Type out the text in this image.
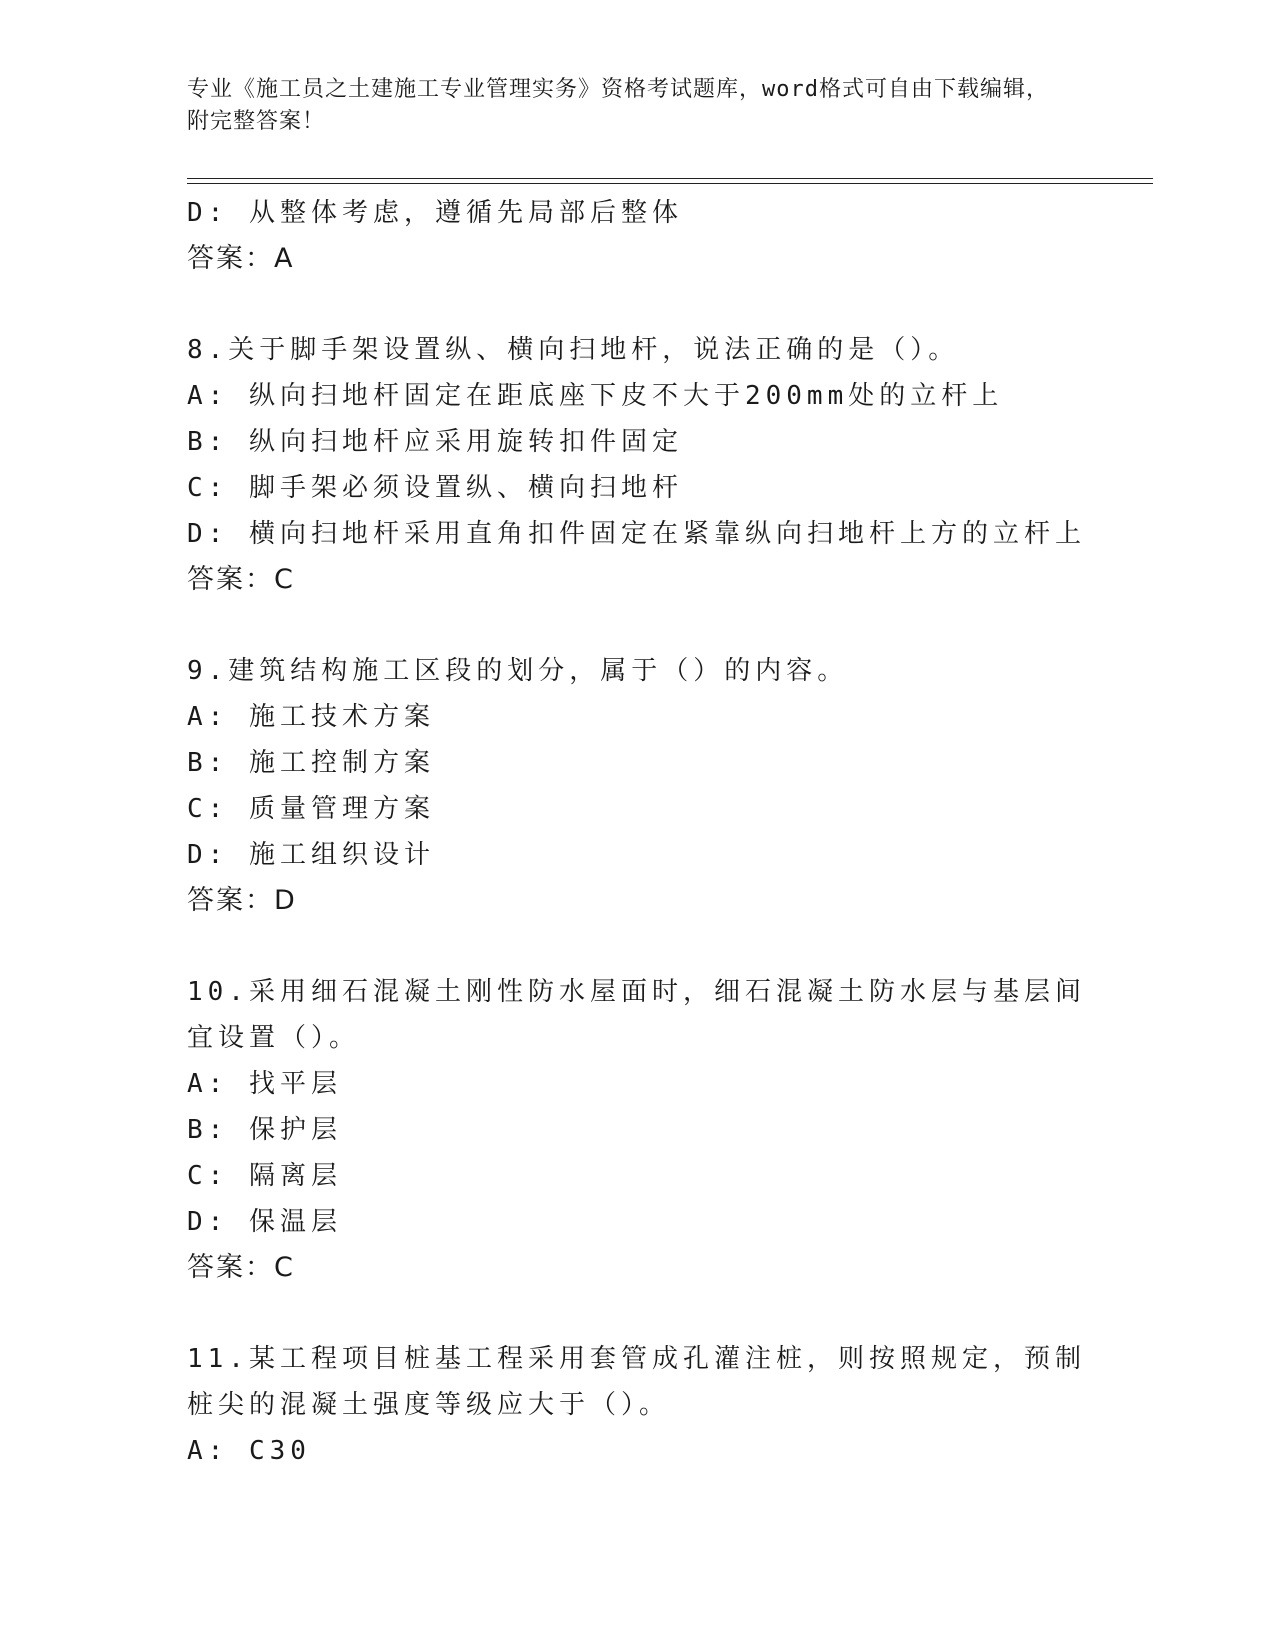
专业《施工员之土建施工专业管理实务》资格考试题库，word格式可自由下载编辑，附完整答案！
D: 从整体考虑，遵循先局部后整体
答案：A
8.关于脚手架设置纵、横向扫地杆，说法正确的是（）。
A: 纵向扫地杆固定在距底座下皮不大于200mm处的立杆上
B: 纵向扫地杆应采用旋转扣件固定
C: 脚手架必须设置纵、横向扫地杆
D: 横向扫地杆采用直角扣件固定在紧靠纵向扫地杆上方的立杆上
答案：C
9.建筑结构施工区段的划分，属于（）的内容。
A: 施工技术方案
B: 施工控制方案
C: 质量管理方案
D: 施工组织设计
答案：D
10.采用细石混凝土刚性防水屋面时，细石混凝土防水层与基层间宜设置（）。
A: 找平层
B: 保护层
C: 隔离层
D: 保温层
答案：C
11.某工程项目桩基工程采用套管成孔灌注桩，则按照规定，预制桩尖的混凝土强度等级应大于（）。
A: C30
